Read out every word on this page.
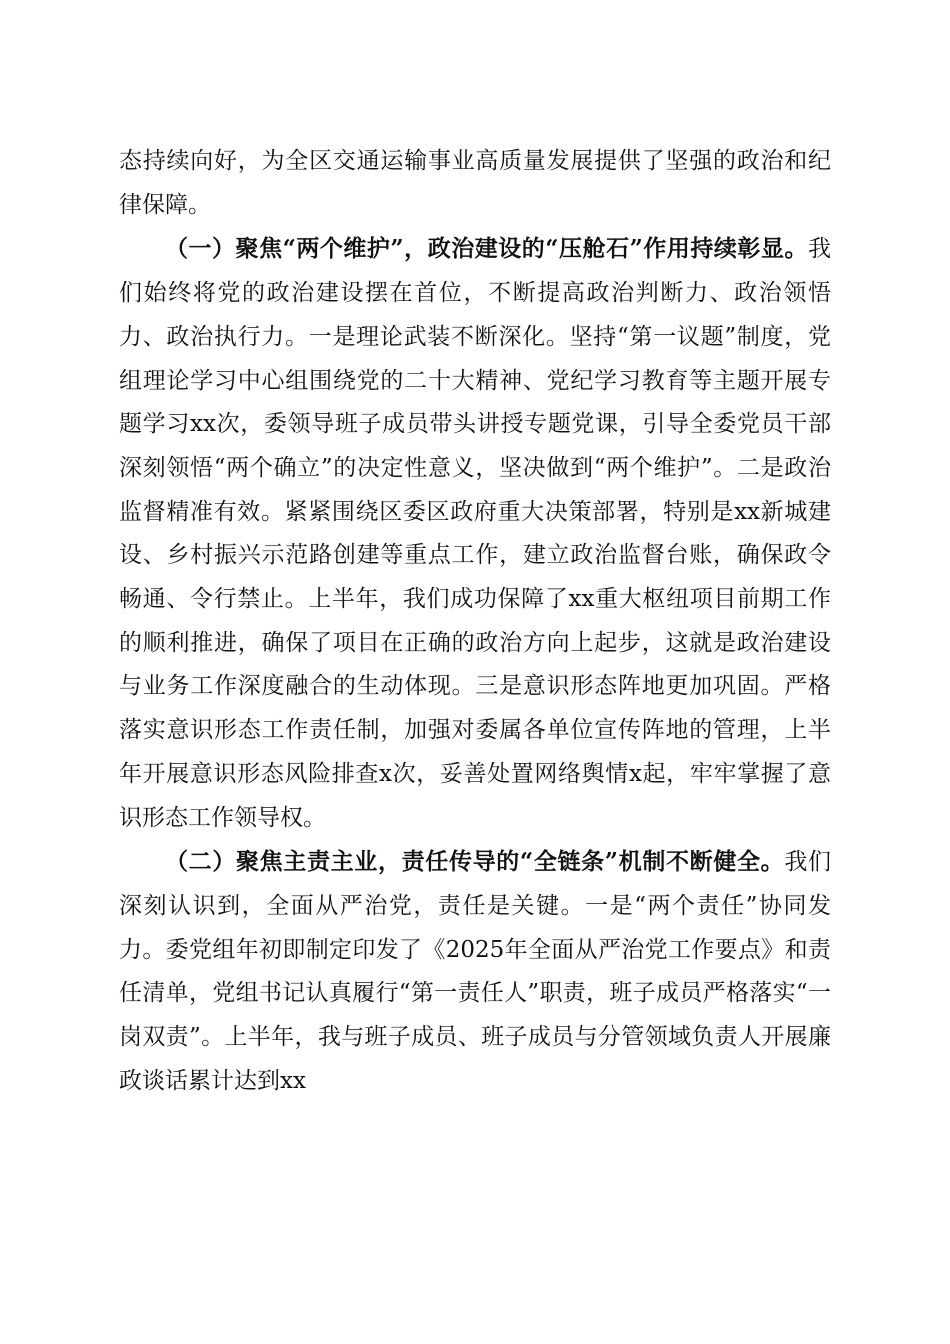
态持续向好，为全区交通运输事业高质量发展提供了坚强的政治和纪律保障。

（一）聚焦“两个维护”，政治建设的“压舱石”作用持续彰显。我们始终将党的政治建设摆在首位，不断提高政治判断力、政治领悟力、政治执行力。一是理论武装不断深化。坚持“第一议题”制度，党组理论学习中心组围绕党的二十大精神、党纪学习教育等主题开展专题学习xx次，委领导班子成员带头讲授专题党课，引导全委党员干部深刻领悟“两个确立”的决定性意义，坚决做到“两个维护”。二是政治监督精准有效。紧紧围绕区委区政府重大决策部署，特别是xx新城建设、乡村振兴示范路创建等重点工作，建立政治监督台账，确保政令畅通、令行禁止。上半年，我们成功保障了xx重大枢纽项目前期工作的顺利推进，确保了项目在正确的政治方向上起步，这就是政治建设与业务工作深度融合的生动体现。三是意识形态阵地更加巩固。严格落实意识形态工作责任制，加强对委属各单位宣传阵地的管理，上半年开展意识形态风险排查x次，妥善处置网络舆情x起，牢牢掌握了意识形态工作领导权。

（二）聚焦主责主业，责任传导的“全链条”机制不断健全。我们深刻认识到，全面从严治党，责任是关键。一是“两个责任”协同发力。委党组年初即制定印发了《2025年全面从严治党工作要点》和责任清单，党组书记认真履行“第一责任人”职责，班子成员严格落实“一岗双责”。上半年，我与班子成员、班子成员与分管领域负责人开展廉政谈话累计达到xx
